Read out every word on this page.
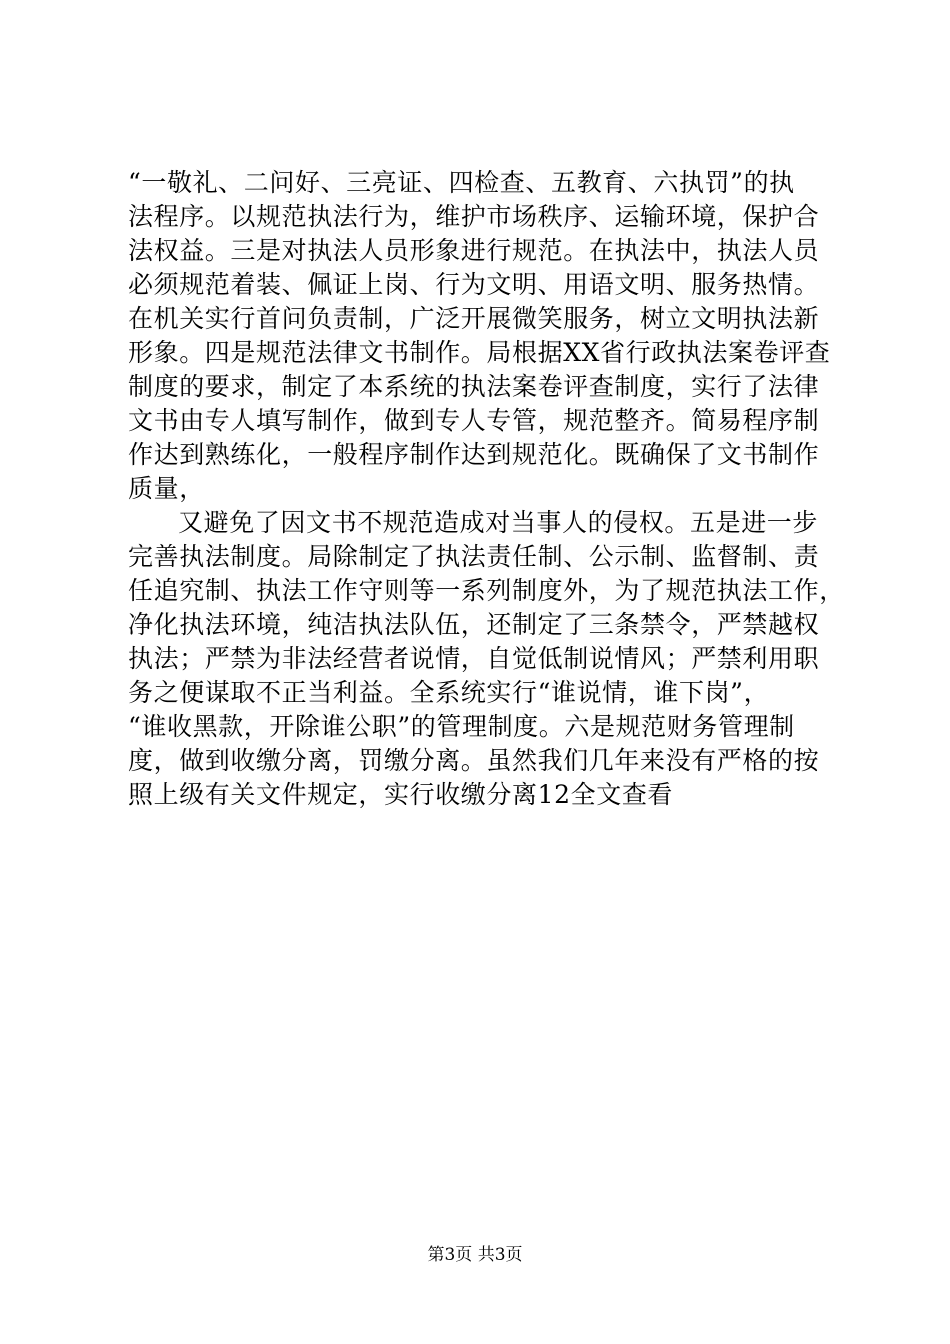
“一敬礼、二问好、三亮证、四检查、五教育、六执罚”的执
法程序。以规范执法行为，维护市场秩序、运输环境，保护合
法权益。三是对执法人员形象进行规范。在执法中，执法人员
必须规范着装、佩证上岗、行为文明、用语文明、服务热情。
在机关实行首问负责制，广泛开展微笑服务，树立文明执法新
形象。四是规范法律文书制作。局根据XX省行政执法案卷评查
制度的要求，制定了本系统的执法案卷评查制度，实行了法律
文书由专人填写制作，做到专人专管，规范整齐。简易程序制
作达到熟练化，一般程序制作达到规范化。既确保了文书制作
质量，
又避免了因文书不规范造成对当事人的侵权。五是进一步
完善执法制度。局除制定了执法责任制、公示制、监督制、责
任追究制、执法工作守则等一系列制度外，为了规范执法工作，
净化执法环境，纯洁执法队伍，还制定了三条禁令，严禁越权
执法；严禁为非法经营者说情，自觉低制说情风；严禁利用职
务之便谋取不正当利益。全系统实行“谁说情，谁下岗”，
“谁收黑款，开除谁公职”的管理制度。六是规范财务管理制
度，做到收缴分离，罚缴分离。虽然我们几年来没有严格的按
照上级有关文件规定，实行收缴分离12全文查看
第3页 共3页
